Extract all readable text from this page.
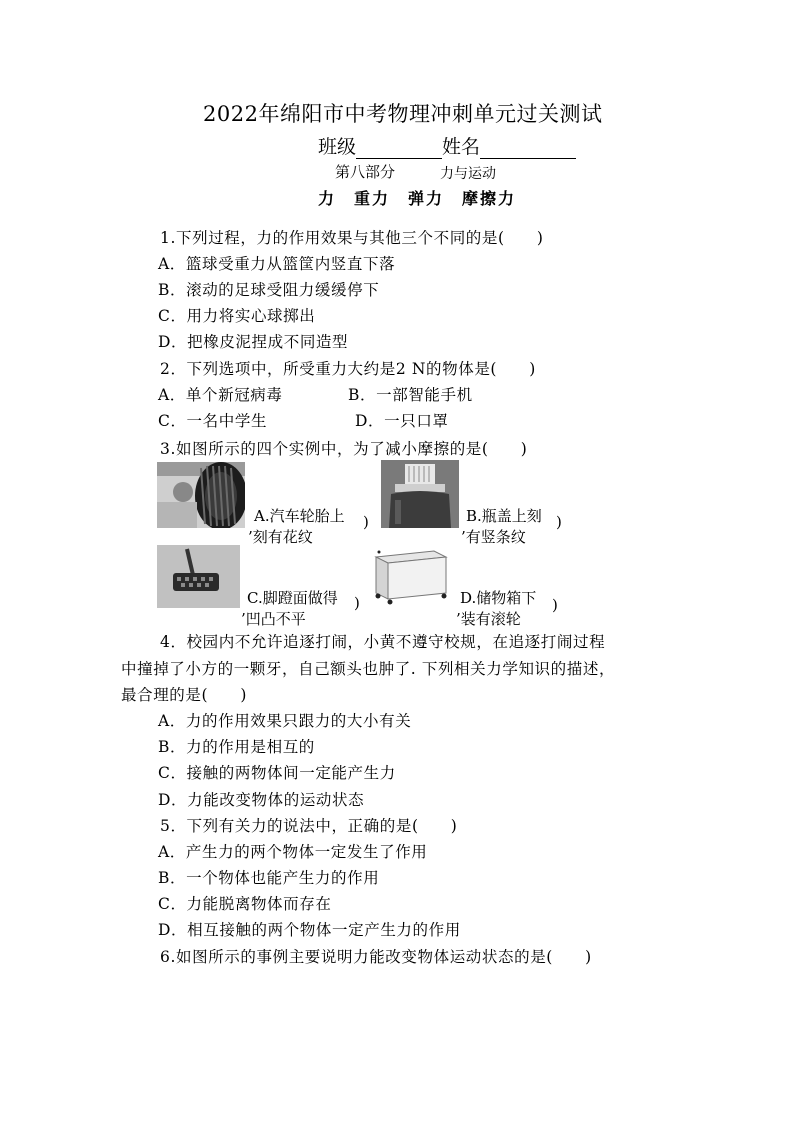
2022年绵阳市中考物理冲刺单元过关测试
班级	姓名
第八部分	力与运动
力　重力　弹力　摩擦力
1.下列过程，力的作用效果与其他三个不同的是(　　)
A．篮球受重力从篮筐内竖直下落
B．滚动的足球受阻力缓缓停下
C．用力将实心球掷出
D．把橡皮泥捏成不同造型
2．下列选项中，所受重力大约是2 N的物体是(　　)
A．单个新冠病毒	B．一部智能手机
C．一名中学生	D．一只口罩
3.如图所示的四个实例中，为了减小摩擦的是(　　)
A.汽车轮胎上
’刻有花纹
)	B.瓶盖上刻
’有竖条纹
)
C.脚蹬面做得
’凹凸不平
)	D.储物箱下
’装有滚轮
)
4．校园内不允许追逐打闹，小黄不遵守校规，在追逐打闹过程
中撞掉了小方的一颗牙，自己额头也肿了. 下列相关力学知识的描述，
最合理的是(　　)
A．力的作用效果只跟力的大小有关
B．力的作用是相互的
C．接触的两物体间一定能产生力
D．力能改变物体的运动状态
5．下列有关力的说法中，正确的是(　　)
A．产生力的两个物体一定发生了作用
B．一个物体也能产生力的作用
C．力能脱离物体而存在
D．相互接触的两个物体一定产生力的作用
6.如图所示的事例主要说明力能改变物体运动状态的是(　　)
